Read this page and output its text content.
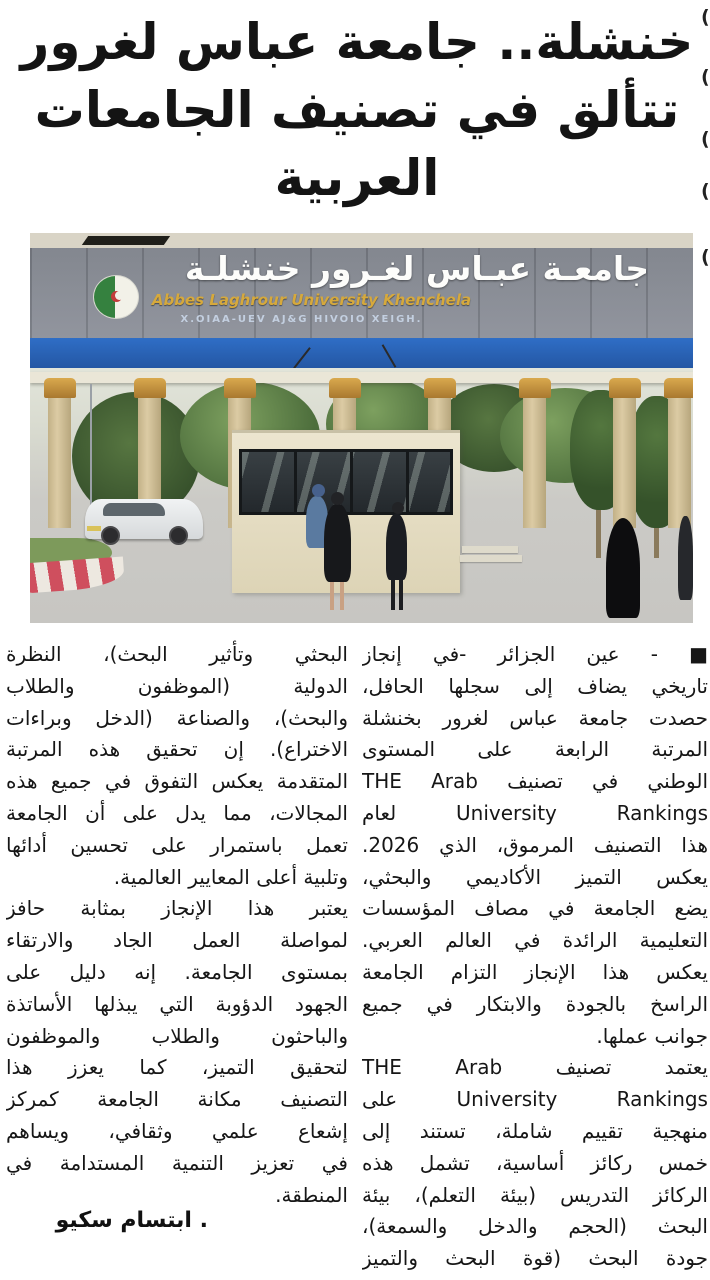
خنشلة.. جامعة عباس لغرور
تتألق في تصنيف الجامعات
العربية
(
(
(
(
(
جامعـة عبـاس لغـرور خنشلـة
Abbes Laghrour University Khenchela
X.OIAA-UEV AJ&G HIVOIO XEIGH.
■ - عين الجزائر -في إنجاز
تاريخي يضاف إلى سجلها الحافل،
حصدت جامعة عباس لغرور بخنشلة
المرتبة الرابعة على المستوى
الوطني في تصنيف THE Arab
University Rankings لعام
هذا التصنيف المرموق، الذي 2026.
يعكس التميز الأكاديمي والبحثي،
يضع الجامعة في مصاف المؤسسات
التعليمية الرائدة في العالم العربي.
يعكس هذا الإنجاز التزام الجامعة
الراسخ بالجودة والابتكار في جميع
جوانب عملها.
يعتمد تصنيف THE Arab
University Rankings على
منهجية تقييم شاملة، تستند إلى
خمس ركائز أساسية، تشمل هذه
الركائز التدريس (بيئة التعلم)، بيئة
البحث (الحجم والدخل والسمعة)،
جودة البحث (قوة البحث والتميز
البحثي وتأثير البحث)، النظرة
الدولية (الموظفون والطلاب
والبحث)، والصناعة (الدخل وبراءات
الاختراع). إن تحقيق هذه المرتبة
المتقدمة يعكس التفوق في جميع هذه
المجالات، مما يدل على أن الجامعة
تعمل باستمرار على تحسين أدائها
وتلبية أعلى المعايير العالمية.
يعتبر هذا الإنجاز بمثابة حافز
لمواصلة العمل الجاد والارتقاء
بمستوى الجامعة. إنه دليل على
الجهود الدؤوبة التي يبذلها الأساتذة
والباحثون والطلاب والموظفون
لتحقيق التميز، كما يعزز هذا
التصنيف مكانة الجامعة كمركز
إشعاع علمي وثقافي، ويساهم
في تعزيز التنمية المستدامة في
المنطقة.
. ابتسام سكيو
